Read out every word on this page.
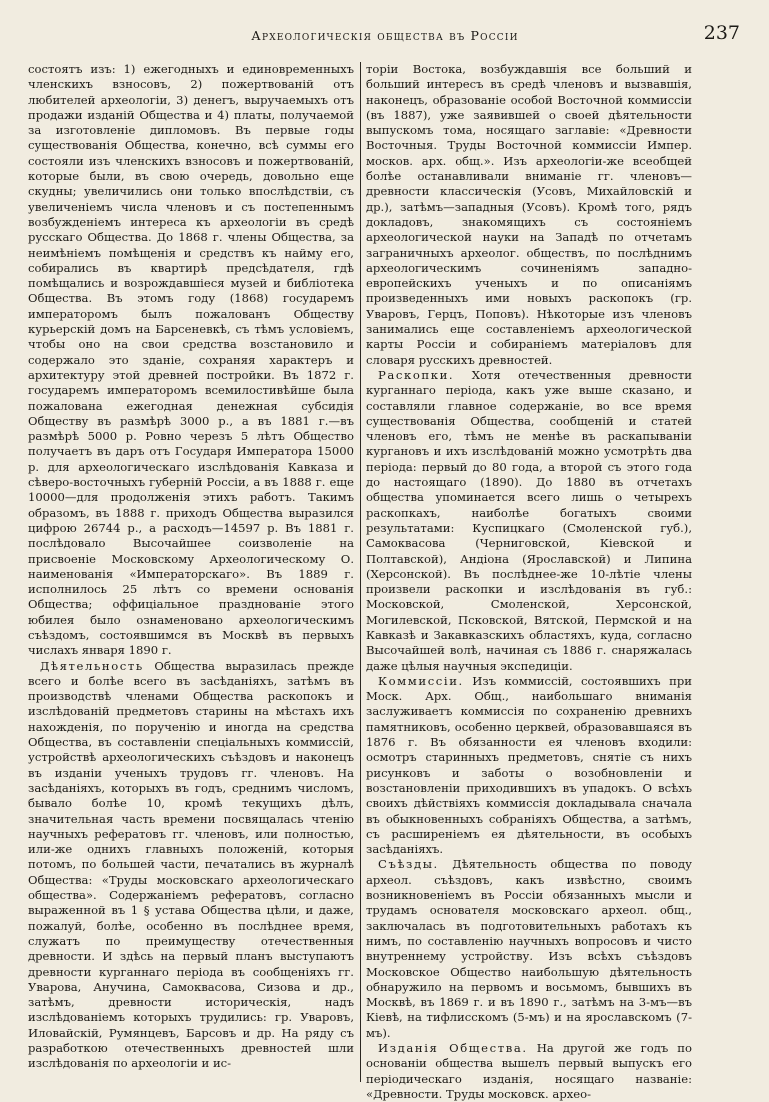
Археологическія общества въ Россіи	237

состоятъ изъ: 1) ежегодныхъ и единовременныхъ членскихъ взносовъ, 2) пожертвованій отъ любителей археологіи, 3) денегъ, выручаемыхъ отъ продажи изданій Общества и 4) платы, получаемой за изготовленіе дипломовъ. Въ первые годы существованія Общества, конечно, всѣ суммы его состояли изъ членскихъ взносовъ и пожертвованій, которые были, въ свою очередь, довольно еще скудны; увеличились они только впослѣдствіи, съ увеличеніемъ числа членовъ и съ постепеннымъ возбужденіемъ интереса къ археологіи въ средѣ русскаго Общества. До 1868 г. члены Общества, за неимѣніемъ помѣщенія и средствъ къ найму его, собирались въ квартирѣ предсѣдателя, гдѣ помѣщались и возрождавшіеся музей и библіотека Общества. Въ этомъ году (1868) государемъ императоромъ былъ пожалованъ Обществу курьерскій домъ на Барсеневкѣ, съ тѣмъ условіемъ, чтобы оно на свои средства возстановило и содержало это зданіе, сохраняя характеръ и архитектуру этой древней постройки. Въ 1872 г. государемъ императоромъ всемилостивѣйше была пожалована ежегодная денежная субсидія Обществу въ размѣрѣ 3000 р., а въ 1881 г.—въ размѣрѣ 5000 р. Ровно черезъ 5 лѣтъ Общество получаетъ въ даръ отъ Государя Императора 15000 р. для археологическаго изслѣдованія Кавказа и сѣверо-восточныхъ губерній Россіи, а въ 1888 г. еще 10000—для продолженія этихъ работъ. Такимъ образомъ, въ 1888 г. приходъ Общества выразился цифрою 26744 р., а расходъ—14597 р. Въ 1881 г. послѣдовало Высочайшее соизволеніе на присвоеніе Московскому Археологическому О. наименованія «Императорскаго». Въ 1889 г. исполнилось 25 лѣтъ со времени основанія Общества; оффиціальное празднованіе этого юбилея было ознаменовано археологическимъ съѣздомъ, состоявшимся въ Москвѣ въ первыхъ числахъ января 1890 г.

Дѣятельность Общества выразилась прежде всего и болѣе всего въ засѣданіяхъ, затѣмъ въ производствѣ членами Общества раскопокъ и изслѣдованій предметовъ старины на мѣстахъ ихъ нахожденія, по порученію и иногда на средства Общества, въ составленіи спеціальныхъ коммиссій, устройствѣ археологическихъ съѣздовъ и наконецъ въ изданіи ученыхъ трудовъ гг. членовъ. На засѣданіяхъ, которыхъ въ годъ, среднимъ числомъ, бывало болѣе 10, кромѣ текущихъ дѣлъ, значительная часть времени посвящалась чтенію научныхъ рефератовъ гг. членовъ, или полностью, или-же однихъ главныхъ положеній, которыя потомъ, по большей части, печатались въ журналѣ Общества: «Труды московскаго археологическаго общества». Содержаніемъ рефератовъ, согласно выраженной въ 1 § устава Общества цѣли, и даже, пожалуй, болѣе, особенно въ послѣднее время, служатъ по преимуществу отечественныя древности. И здѣсь на первый планъ выступаютъ древности курганнаго періода въ сообщеніяхъ гг. Уварова, Анучина, Самоквасова, Сизова и др., затѣмъ, древности историческія, надъ изслѣдованіемъ которыхъ трудились: гр. Уваровъ, Иловайскій, Румянцевъ, Барсовъ и др. На ряду съ разработкою отечественныхъ древностей шли изслѣдованія по археологіи и ис-

торіи Востока, возбуждавшія все больший и больший интересъ въ средѣ членовъ и вызвавшія, наконецъ, образованіе особой Восточной коммиссіи (въ 1887), уже заявившей о своей дѣятельности выпускомъ тома, носящаго заглавіе: «Древности Восточныя. Труды Восточной коммиссіи Импер. москов. арх. общ.». Изъ археологіи-же всеобщей болѣе останавливали вниманіе гг. членовъ—древности классическія (Усовъ, Михайловскій и др.), затѣмъ—западныя (Усовъ). Кромѣ того, рядъ докладовъ, знакомящихъ съ состояніемъ археологической науки на Западѣ по отчетамъ заграничныхъ археолог. обществъ, по послѣднимъ археологическимъ сочиненіямъ западно-европейскихъ ученыхъ и по описаніямъ произведенныхъ ими новыхъ раскопокъ (гр. Уваровъ, Герцъ, Поповъ). Нѣкоторые изъ членовъ занимались еще составленіемъ археологической карты Россіи и собираніемъ матеріаловъ для словаря русскихъ древностей.

Раскопки. Хотя отечественныя древности курганнаго періода, какъ уже выше сказано, и составляли главное содержаніе, во все время существованія Общества, сообщеній и статей членовъ его, тѣмъ не менѣе въ раскапываніи кургановъ и ихъ изслѣдованій можно усмотрѣть два періода: первый до 80 года, а второй съ этого года до настоящаго (1890). До 1880 въ отчетахъ общества упоминается всего лишь о четырехъ раскопкахъ, наиболѣе богатыхъ своими результатами: Куспицкаго (Смоленской губ.), Самоквасова (Черниговской, Кіевской и Полтавской), Андіона (Ярославской) и Липина (Херсонской). Въ послѣднее-же 10-лѣтіе члены произвели раскопки и изслѣдованія въ губ.: Московской, Смоленской, Херсонской, Могилевской, Псковской, Вятской, Пермской и на Кавказѣ и Закавказскихъ областяхъ, куда, согласно Высочайшей волѣ, начиная съ 1886 г. снаряжалась даже цѣлыя научныя экспедиціи.

Коммиссіи. Изъ коммиссій, состоявшихъ при Моск. Арх. Общ., наибольшаго вниманія заслуживаетъ коммиссія по сохраненію древнихъ памятниковъ, особенно церквей, образовавшаяся въ 1876 г. Въ обязанности ея членовъ входили: осмотръ старинныхъ предметовъ, снятіе съ нихъ рисунковъ и заботы о возобновленіи и возстановленіи приходившихъ въ упадокъ. О всѣхъ своихъ дѣйствіяхъ коммиссія докладывала сначала въ обыкновенныхъ собраніяхъ Общества, а затѣмъ, съ расширеніемъ ея дѣятельности, въ особыхъ засѣданіяхъ.

Съѣзды. Дѣятельность общества по поводу археол. съѣздовъ, какъ извѣстно, своимъ возникновеніемъ въ Россіи обязанныхъ мысли и трудамъ основателя московскаго археол. общ., заключалась въ подготовительныхъ работахъ къ нимъ, по составленію научныхъ вопросовъ и чисто внутреннему устройству. Изъ всѣхъ съѣздовъ Московское Общество наибольшую дѣятельность обнаружило на первомъ и восьмомъ, бывшихъ въ Москвѣ, въ 1869 г. и въ 1890 г., затѣмъ на 3-мъ—въ Кіевѣ, на тифлисскомъ (5-мъ) и на ярославскомъ (7-мъ).

Изданія Общества. На другой же годъ по основаніи общества вышелъ первый выпускъ его періодическаго изданія, носящаго названіе: «Древности. Труды московск. архео-
